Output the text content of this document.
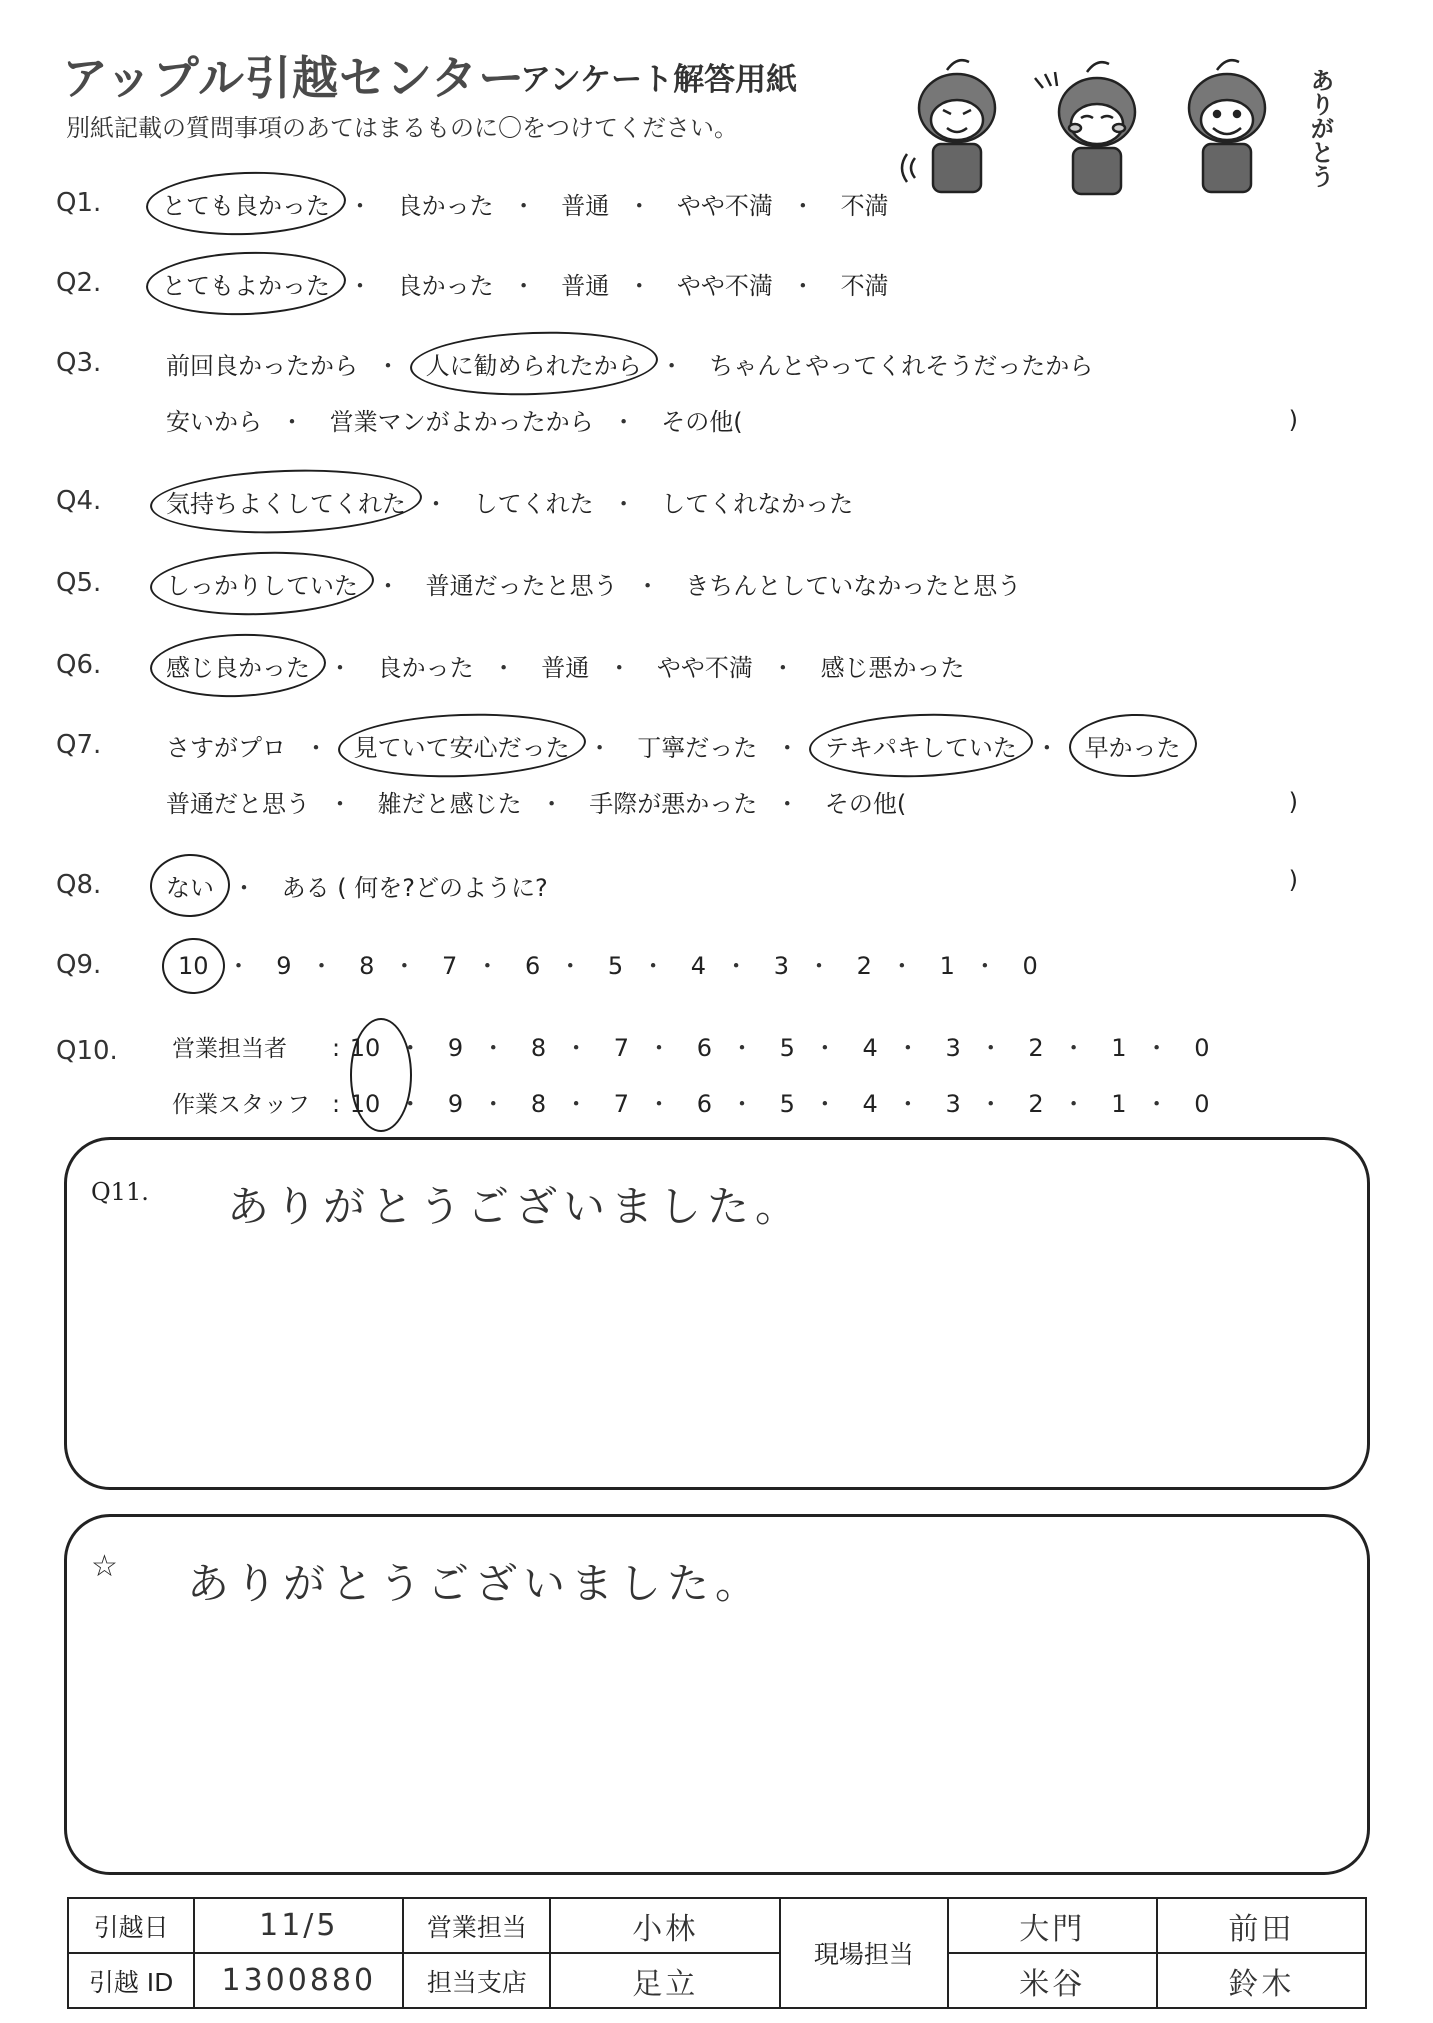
アップル引越センター
アンケート解答用紙
別紙記載の質問事項のあてはまるものに〇をつけてください。	ありがとう
Q1.	とても良かった ・ 良かった ・ 普通 ・ やや不満 ・ 不満
Q2.	とてもよかった ・ 良かった ・ 普通 ・ やや不満 ・ 不満
Q3.	前回良かったから ・ 人に勧められたから ・ ちゃんとやってくれそうだったから
安いから ・ 営業マンがよかったから ・ その他(	)
Q4.	気持ちよくしてくれた ・ してくれた ・ してくれなかった
Q5.	しっかりしていた ・ 普通だったと思う ・ きちんとしていなかったと思う
Q6.	感じ良かった ・ 良かった ・ 普通 ・ やや不満 ・ 感じ悪かった
Q7.	さすがプロ ・ 見ていて安心だった ・ 丁寧だった ・ テキパキしていた ・ 早かった
普通だと思う ・ 雑だと感じた ・ 手際が悪かった ・ その他(	)
Q8.	ない ・ ある ( 何を?どのように?	)
Q9.	10 ・ 9 ・ 8 ・ 7 ・ 6 ・ 5 ・ 4 ・ 3 ・ 2 ・ 1 ・ 0
Q10. 営業担当者 : 10 ・ 9 ・ 8 ・ 7 ・ 6 ・ 5 ・ 4 ・ 3 ・ 2 ・ 1 ・ 0
作業スタッフ : 10 ・ 9 ・ 8 ・ 7 ・ 6 ・ 5 ・ 4 ・ 3 ・ 2 ・ 1 ・ 0
Q11. ありがとうございました。
☆ ありがとうございました。
引越日	11/5	営業担当	小林	現場担当	大門	前田
引越 ID	1300880	担当支店	足立		米谷	鈴木
